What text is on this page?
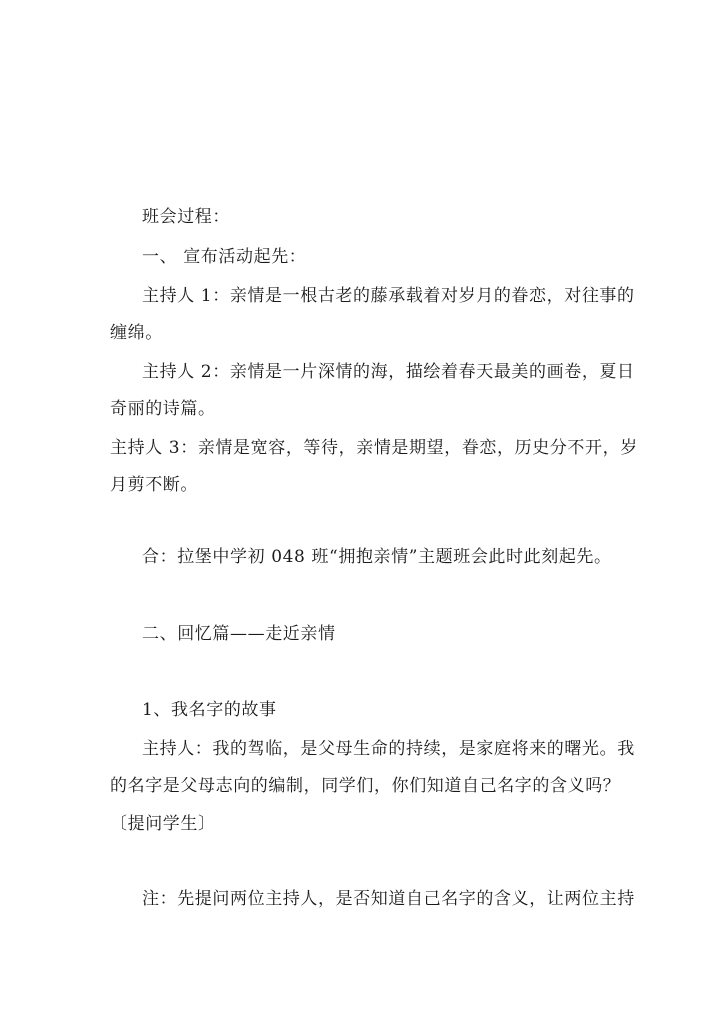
班会过程：
一、 宣布活动起先：
主持人 1：亲情是一根古老的藤承载着对岁月的眷恋，对往事的
缠绵。
主持人 2：亲情是一片深情的海，描绘着春天最美的画卷，夏日
奇丽的诗篇。
主持人 3：亲情是宽容，等待，亲情是期望，眷恋，历史分不开，岁
月剪不断。
合：拉堡中学初 048 班“拥抱亲情”主题班会此时此刻起先。
二、回忆篇——走近亲情
1、我名字的故事
主持人：我的驾临，是父母生命的持续，是家庭将来的曙光。我
的名字是父母志向的编制，同学们，你们知道自己名字的含义吗？
〔提问学生〕
注：先提问两位主持人，是否知道自己名字的含义，让两位主持
